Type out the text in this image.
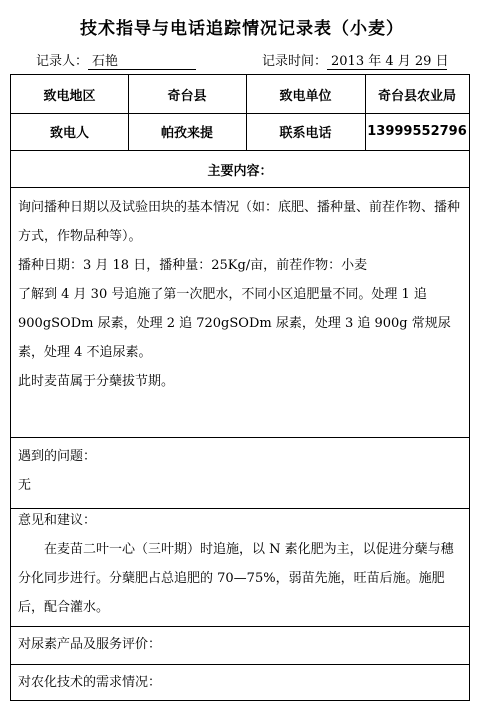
技术指导与电话追踪情况记录表（小麦）
记录人： 石艳	记录时间： 2013 年 4 月 29 日
致电地区	奇台县	致电单位	奇台县农业局
致电人	帕孜来提	联系电话	13999552796
主要内容：

询问播种日期以及试验田块的基本情况（如：底肥、播种量、前茬作物、播种方式，作物品种等）。

播种日期：3 月 18 日，播种量：25Kg/亩，前茬作物：小麦

了解到 4 月 30 号追施了第一次肥水，不同小区追肥量不同。处理 1 追 900gSODm 尿素，处理 2 追 720gSODm 尿素，处理 3 追 900g 常规尿素，处理 4 不追尿素。

此时麦苗属于分蘖拔节期。

遇到的问题：

无

意见和建议：

在麦苗二叶一心（三叶期）时追施，以 N 素化肥为主，以促进分蘖与穗分化同步进行。分蘖肥占总追肥的 70—75%，弱苗先施，旺苗后施。施肥后，配合灌水。

对尿素产品及服务评价：

对农化技术的需求情况：
